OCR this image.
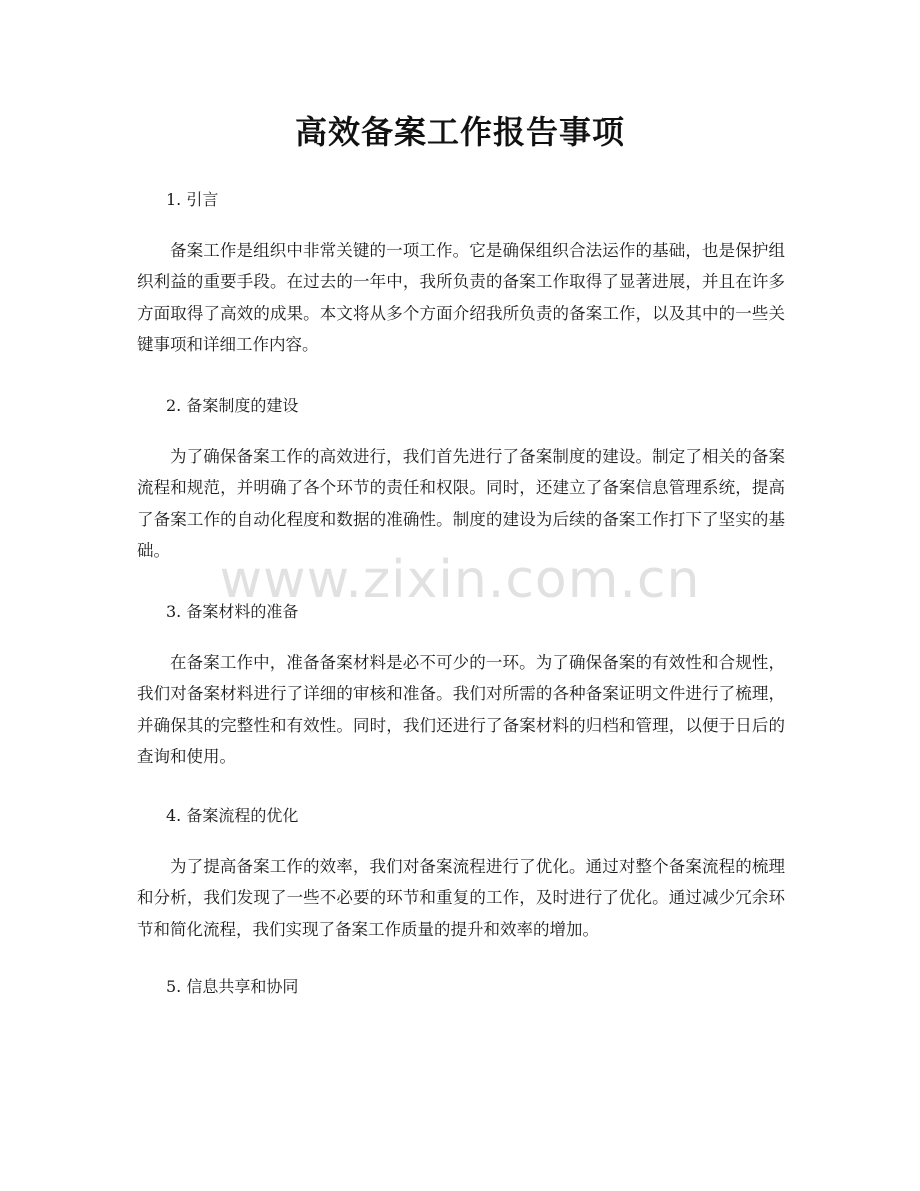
高效备案工作报告事项
1. 引言

备案工作是组织中非常关键的一项工作。它是确保组织合法运作的基础，也是保护组织利益的重要手段。在过去的一年中，我所负责的备案工作取得了显著进展，并且在许多方面取得了高效的成果。本文将从多个方面介绍我所负责的备案工作，以及其中的一些关键事项和详细工作内容。

2. 备案制度的建设

为了确保备案工作的高效进行，我们首先进行了备案制度的建设。制定了相关的备案流程和规范，并明确了各个环节的责任和权限。同时，还建立了备案信息管理系统，提高了备案工作的自动化程度和数据的准确性。制度的建设为后续的备案工作打下了坚实的基础。

3. 备案材料的准备

在备案工作中，准备备案材料是必不可少的一环。为了确保备案的有效性和合规性，我们对备案材料进行了详细的审核和准备。我们对所需的各种备案证明文件进行了梳理，并确保其的完整性和有效性。同时，我们还进行了备案材料的归档和管理，以便于日后的查询和使用。

4. 备案流程的优化

为了提高备案工作的效率，我们对备案流程进行了优化。通过对整个备案流程的梳理和分析，我们发现了一些不必要的环节和重复的工作，及时进行了优化。通过减少冗余环节和简化流程，我们实现了备案工作质量的提升和效率的增加。

5. 信息共享和协同
www.zixin.com.cn
